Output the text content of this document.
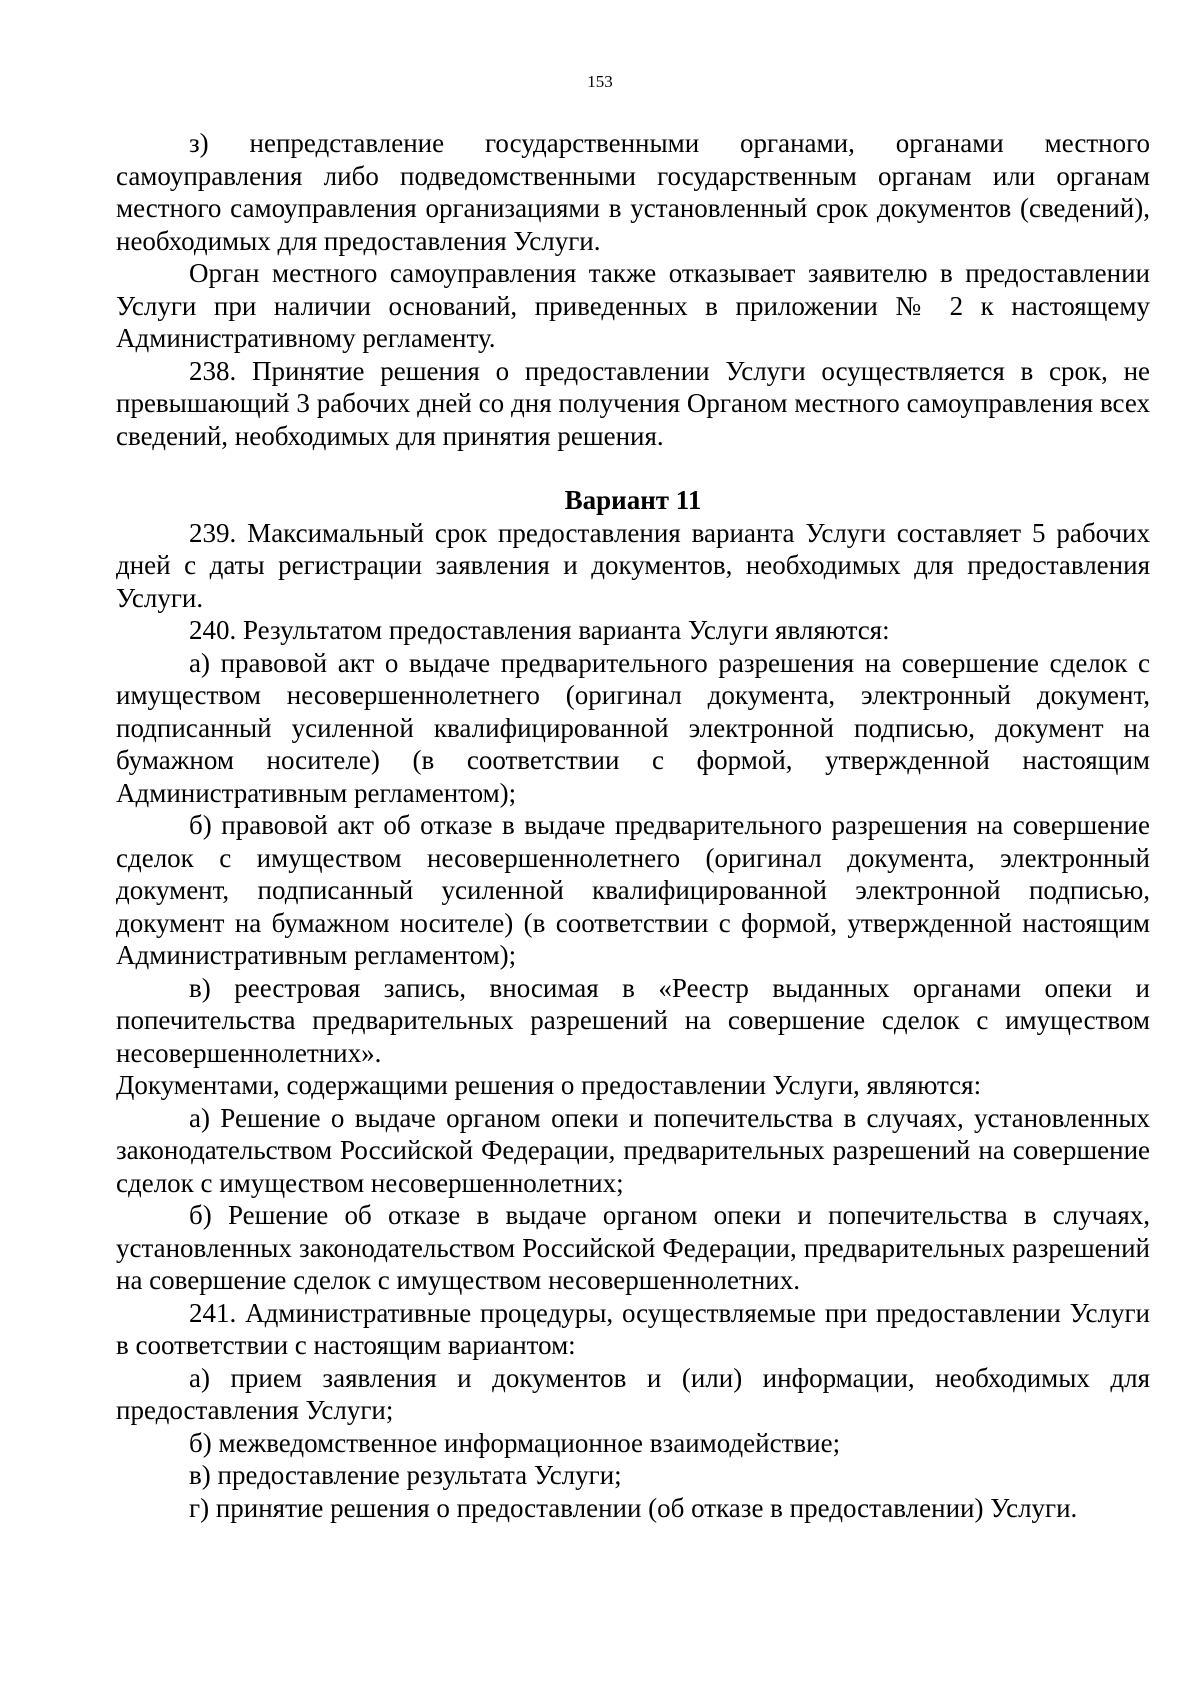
153

з) непредставление государственными органами, органами местного самоуправления либо подведомственными государственным органам или органам местного самоуправления организациями в установленный срок документов (сведений), необходимых для предоставления Услуги.

Орган местного самоуправления также отказывает заявителю в предоставлении Услуги при наличии оснований, приведенных в приложении № 2 к настоящему Административному регламенту.

238. Принятие решения о предоставлении Услуги осуществляется в срок, не превышающий 3 рабочих дней со дня получения Органом местного самоуправления всех сведений, необходимых для принятия решения.

Вариант 11

239. Максимальный срок предоставления варианта Услуги составляет 5 рабочих дней с даты регистрации заявления и документов, необходимых для предоставления Услуги.

240. Результатом предоставления варианта Услуги являются:

а) правовой акт о выдаче предварительного разрешения на совершение сделок с имуществом несовершеннолетнего (оригинал документа, электронный документ, подписанный усиленной квалифицированной электронной подписью, документ на бумажном носителе) (в соответствии с формой, утвержденной настоящим Административным регламентом);

б) правовой акт об отказе в выдаче предварительного разрешения на совершение сделок с имуществом несовершеннолетнего (оригинал документа, электронный документ, подписанный усиленной квалифицированной электронной подписью, документ на бумажном носителе) (в соответствии с формой, утвержденной настоящим Административным регламентом);

в) реестровая запись, вносимая в «Реестр выданных органами опеки и попечительства предварительных разрешений на совершение сделок с имуществом несовершеннолетних».

Документами, содержащими решения о предоставлении Услуги, являются:

а) Решение о выдаче органом опеки и попечительства в случаях, установленных законодательством Российской Федерации, предварительных разрешений на совершение сделок с имуществом несовершеннолетних;

б) Решение об отказе в выдаче органом опеки и попечительства в случаях, установленных законодательством Российской Федерации, предварительных разрешений на совершение сделок с имуществом несовершеннолетних.

241. Административные процедуры, осуществляемые при предоставлении Услуги в соответствии с настоящим вариантом:

а) прием заявления и документов и (или) информации, необходимых для предоставления Услуги;

б) межведомственное информационное взаимодействие;

в) предоставление результата Услуги;

г) принятие решения о предоставлении (об отказе в предоставлении) Услуги.
